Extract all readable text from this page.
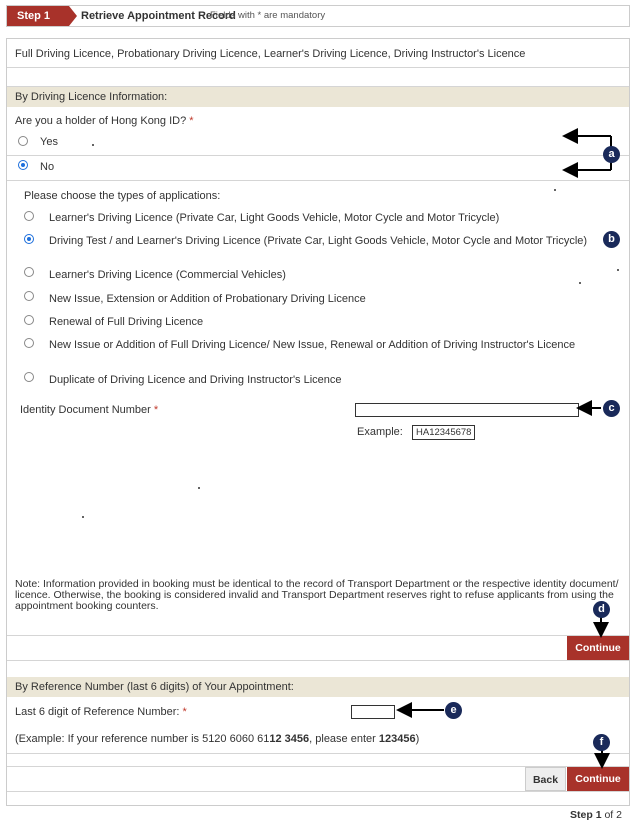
Step 1	Retrieve Appointment Record
Fields with * are mandatory
Full Driving Licence, Probationary Driving Licence, Learner's Driving Licence, Driving Instructor's Licence
By Driving Licence Information:
Are you a holder of Hong Kong ID? *
Yes
No
Please choose the types of applications:
Learner's Driving Licence (Private Car, Light Goods Vehicle, Motor Cycle and Motor Tricycle)
Driving Test / and Learner's Driving Licence (Private Car, Light Goods Vehicle, Motor Cycle and Motor Tricycle)
Learner's Driving Licence (Commercial Vehicles)
New Issue, Extension or Addition of Probationary Driving Licence
Renewal of Full Driving Licence
New Issue or Addition of Full Driving Licence/ New Issue, Renewal or Addition of Driving Instructor's Licence
Duplicate of Driving Licence and Driving Instructor's Licence
Identity Document Number *
Example:	HA12345678
Note: Information provided in booking must be identical to the record of Transport Department or the respective identity document/ licence. Otherwise, the booking is considered invalid and Transport Department reserves right to refuse applicants from using the appointment booking counters.
Continue
By Reference Number (last 6 digits) of Your Appointment:
Last 6 digit of Reference Number: *
(Example: If your reference number is 5120 6060 6112 3456, please enter 123456)
Back	Continue
a
b
c
d
e
f
Step 1 of 2
